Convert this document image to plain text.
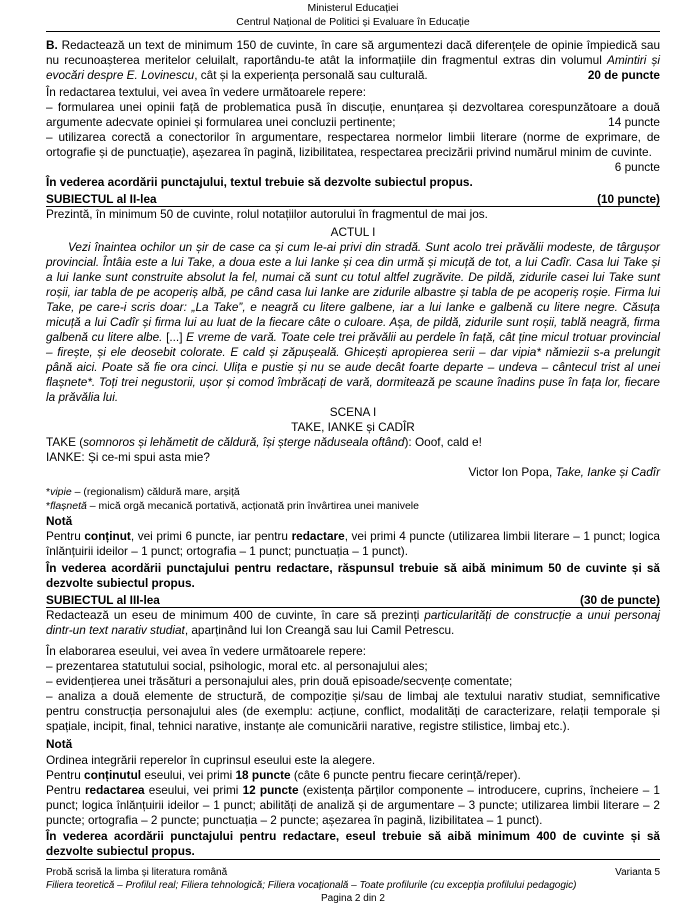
Ministerul Educației
Centrul Național de Politici și Evaluare în Educație

B. Redactează un text de minimum 150 de cuvinte, în care să argumentezi dacă diferențele de opinie împiedică sau nu recunoașterea meritelor celuilalt, raportându-te atât la informațiile din fragmentul extras din volumul Amintiri și evocări despre E. Lovinescu, cât și la experiența personală sau culturală.	20 de puncte

În redactarea textului, vei avea în vedere următoarele repere:

– formularea unei opinii față de problematica pusă în discuție, enunțarea și dezvoltarea corespunzătoare a două argumente adecvate opiniei și formularea unei concluzii pertinente;	14 puncte

– utilizarea corectă a conectorilor în argumentare, respectarea normelor limbii literare (norme de exprimare, de ortografie și de punctuație), așezarea în pagină, lizibilitatea, respectarea precizării privind numărul minim de cuvinte.
6 puncte

În vederea acordării punctajului, textul trebuie să dezvolte subiectul propus.

SUBIECTUL al II-lea	(10 puncte)

Prezintă, în minimum 50 de cuvinte, rolul notațiilor autorului în fragmentul de mai jos.

ACTUL I

Vezi înaintea ochilor un șir de case ca și cum le-ai privi din stradă. Sunt acolo trei prăvălii modeste, de târgușor provincial. Întâia este a lui Take, a doua este a lui Ianke și cea din urmă și micuță de tot, a lui Cadîr. Casa lui Take și a lui Ianke sunt construite absolut la fel, numai că sunt cu totul altfel zugrăvite. De pildă, zidurile casei lui Take sunt roșii, iar tabla de pe acoperiș albă, pe când casa lui Ianke are zidurile albastre și tabla de pe acoperiș roșie. Firma lui Take, pe care-i scris doar: „La Take”, e neagră cu litere galbene, iar a lui Ianke e galbenă cu litere negre. Căsuța micuță a lui Cadîr și firma lui au luat de la fiecare câte o culoare. Așa, de pildă, zidurile sunt roșii, tablă neagră, firma galbenă cu litere albe. [...] E vreme de vară. Toate cele trei prăvălii au perdele în față, cât ține micul trotuar provincial – firește, și ele deosebit colorate. E cald și zăpușeală. Ghicești apropierea serii – dar vipia* nămiezii s-a prelungit până aici. Poate să fie ora cinci. Ulița e pustie și nu se aude decât foarte departe – undeva – cântecul trist al unei flașnete*. Toți trei negustorii, ușor și comod îmbrăcați de vară, dormitează pe scaune înadins puse în fața lor, fiecare la prăvălia lui.

SCENA I

TAKE, IANKE și CADÎR

TAKE (somnoros și lehămetit de căldură, își șterge năduseala oftând): Ooof, cald e!

IANKE: Și ce-mi spui asta mie?

Victor Ion Popa, Take, Ianke și Cadîr

*vipie – (regionalism) căldură mare, arșiță

*flașnetă – mică orgă mecanică portativă, acționată prin învârtirea unei manivele

Notă

Pentru conținut, vei primi 6 puncte, iar pentru redactare, vei primi 4 puncte (utilizarea limbii literare – 1 punct; logica înlănțuirii ideilor – 1 punct; ortografia – 1 punct; punctuația – 1 punct).

În vederea acordării punctajului pentru redactare, răspunsul trebuie să aibă minimum 50 de cuvinte și să dezvolte subiectul propus.

SUBIECTUL al III-lea	(30 de puncte)

Redactează un eseu de minimum 400 de cuvinte, în care să prezinți particularități de construcție a unui personaj dintr-un text narativ studiat, aparținând lui Ion Creangă sau lui Camil Petrescu.

În elaborarea eseului, vei avea în vedere următoarele repere:

– prezentarea statutului social, psihologic, moral etc. al personajului ales;

– evidențierea unei trăsături a personajului ales, prin două episoade/secvențe comentate;

– analiza a două elemente de structură, de compoziție și/sau de limbaj ale textului narativ studiat, semnificative pentru construcția personajului ales (de exemplu: acțiune, conflict, modalități de caracterizare, relații temporale și spațiale, incipit, final, tehnici narative, instanțe ale comunicării narative, registre stilistice, limbaj etc.).

Notă

Ordinea integrării reperelor în cuprinsul eseului este la alegere.

Pentru conținutul eseului, vei primi 18 puncte (câte 6 puncte pentru fiecare cerință/reper).

Pentru redactarea eseului, vei primi 12 puncte (existența părților componente – introducere, cuprins, încheiere – 1 punct; logica înlănțuirii ideilor – 1 punct; abilități de analiză și de argumentare – 3 puncte; utilizarea limbii literare – 2 puncte; ortografia – 2 puncte; punctuația – 2 puncte; așezarea în pagină, lizibilitatea – 1 punct).

În vederea acordării punctajului pentru redactare, eseul trebuie să aibă minimum 400 de cuvinte și să dezvolte subiectul propus.

Probă scrisă la limba și literatura română	Varianta 5
Filiera teoretică – Profilul real; Filiera tehnologică; Filiera vocațională – Toate profilurile (cu excepția profilului pedagogic)
Pagina 2 din 2
